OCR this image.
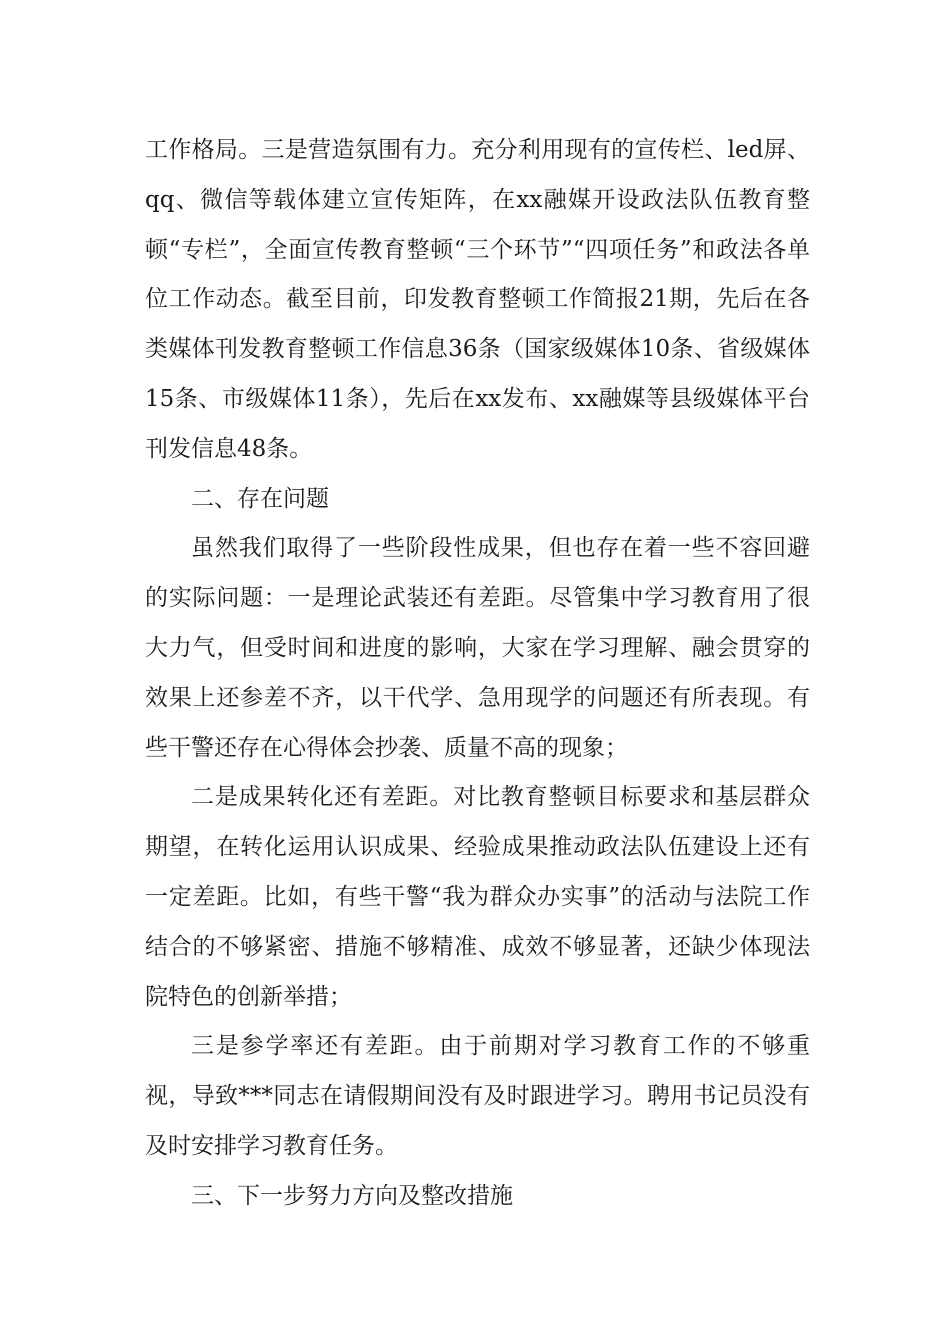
工作格局。三是营造氛围有力。充分利用现有的宣传栏、led屏、qq、微信等载体建立宣传矩阵，在xx融媒开设政法队伍教育整顿“专栏”，全面宣传教育整顿“三个环节”“四项任务”和政法各单位工作动态。截至目前，印发教育整顿工作简报21期，先后在各类媒体刊发教育整顿工作信息36条（国家级媒体10条、省级媒体15条、市级媒体11条），先后在xx发布、xx融媒等县级媒体平台刊发信息48条。

二、存在问题

虽然我们取得了一些阶段性成果，但也存在着一些不容回避的实际问题：一是理论武装还有差距。尽管集中学习教育用了很大力气，但受时间和进度的影响，大家在学习理解、融会贯穿的效果上还参差不齐，以干代学、急用现学的问题还有所表现。有些干警还存在心得体会抄袭、质量不高的现象；

二是成果转化还有差距。对比教育整顿目标要求和基层群众期望，在转化运用认识成果、经验成果推动政法队伍建设上还有一定差距。比如，有些干警“我为群众办实事”的活动与法院工作结合的不够紧密、措施不够精准、成效不够显著，还缺少体现法院特色的创新举措；

三是参学率还有差距。由于前期对学习教育工作的不够重视，导致***同志在请假期间没有及时跟进学习。聘用书记员没有及时安排学习教育任务。

三、下一步努力方向及整改措施
